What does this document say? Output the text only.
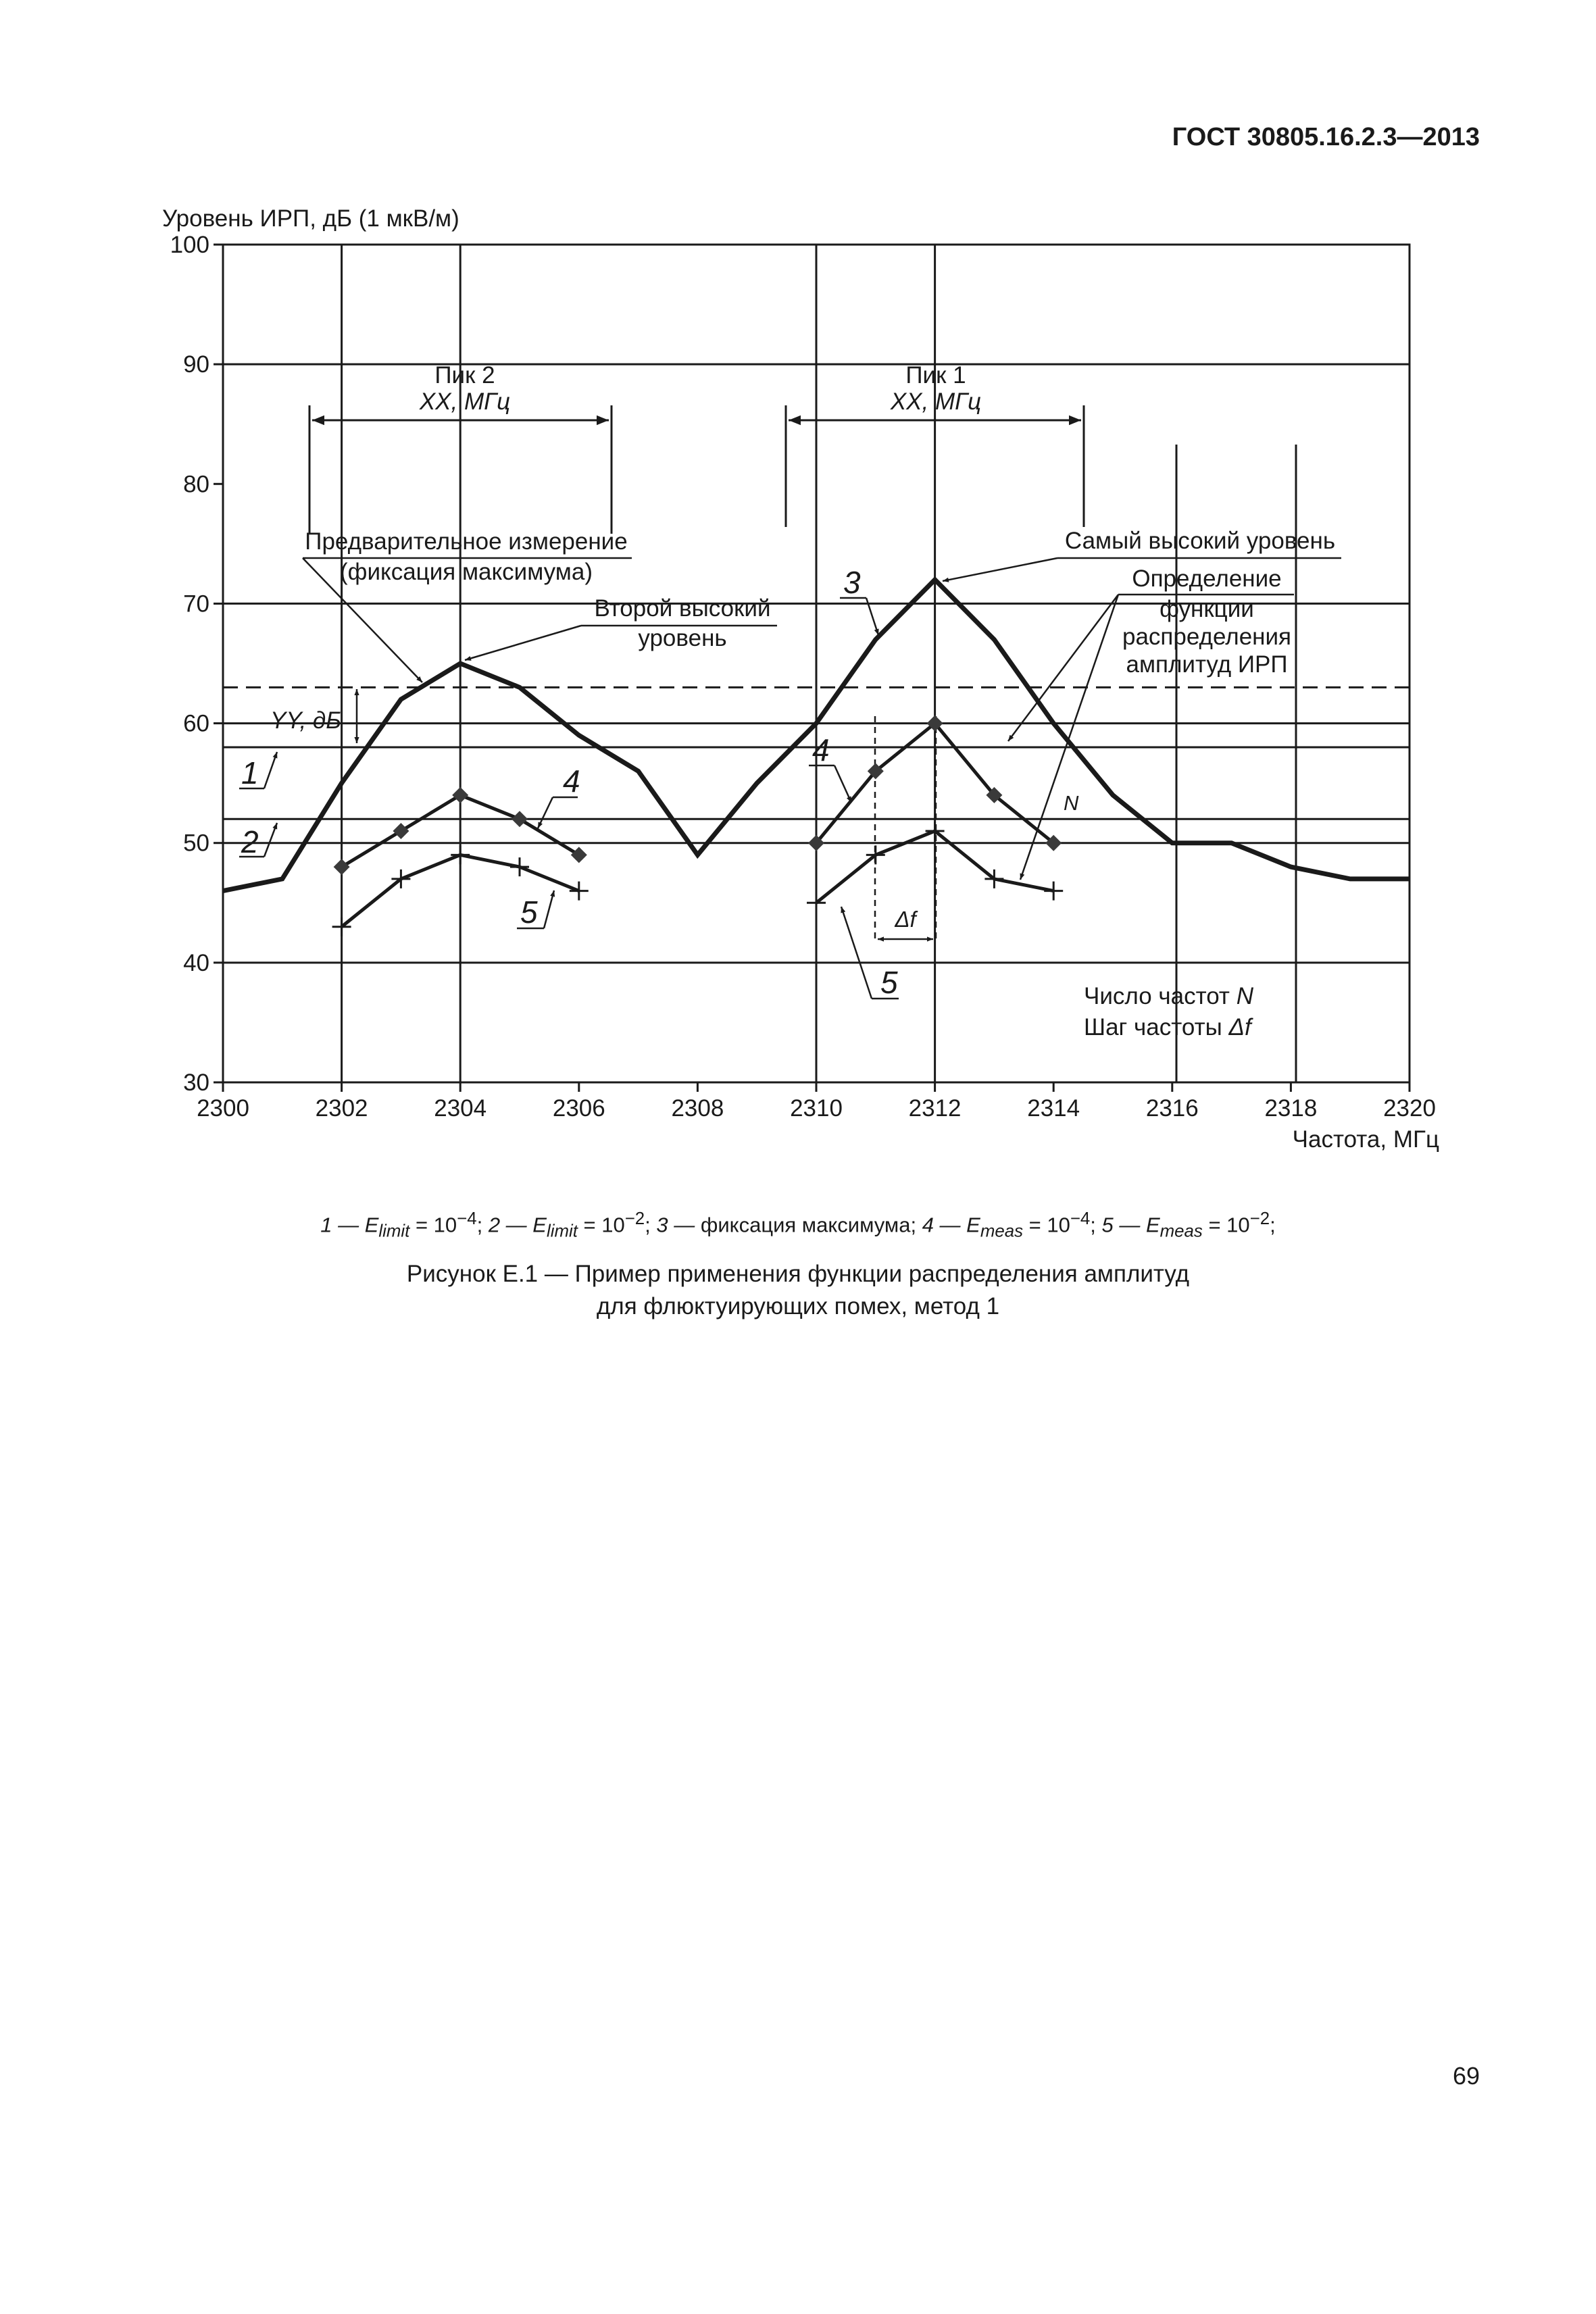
ГОСТ 30805.16.2.3—2013
Уровень ИРП, дБ (1 мкВ/м)
Частота, МГц
30
40
50
60
70
80
90
100
2300	2302	2304	2306	2308	2310	2312	2314	2316	2318	2320
Пик 2
XX, МГц
Пик 1
XX, МГц
Предварительное измерение
(фиксация максимума)
Второй высокий
уровень
Самый высокий уровень
Определение
функции
распределения
амплитуд ИРП
YY, дБ
1
2
3
4
4
5
5
Δf
N
Число частот N
Шаг частоты Δf
1 — $E_{limit} = 10^{-4}$; 2 — $E_{limit} = 10^{-2}$; 3 — фиксация максимума; 4 — $E_{meas} = 10^{-4}$; 5 — $E_{meas} = 10^{-2}$;
Рисунок Е.1 — Пример применения функции распределения амплитуд
для флюктуирующих помех, метод 1
69
